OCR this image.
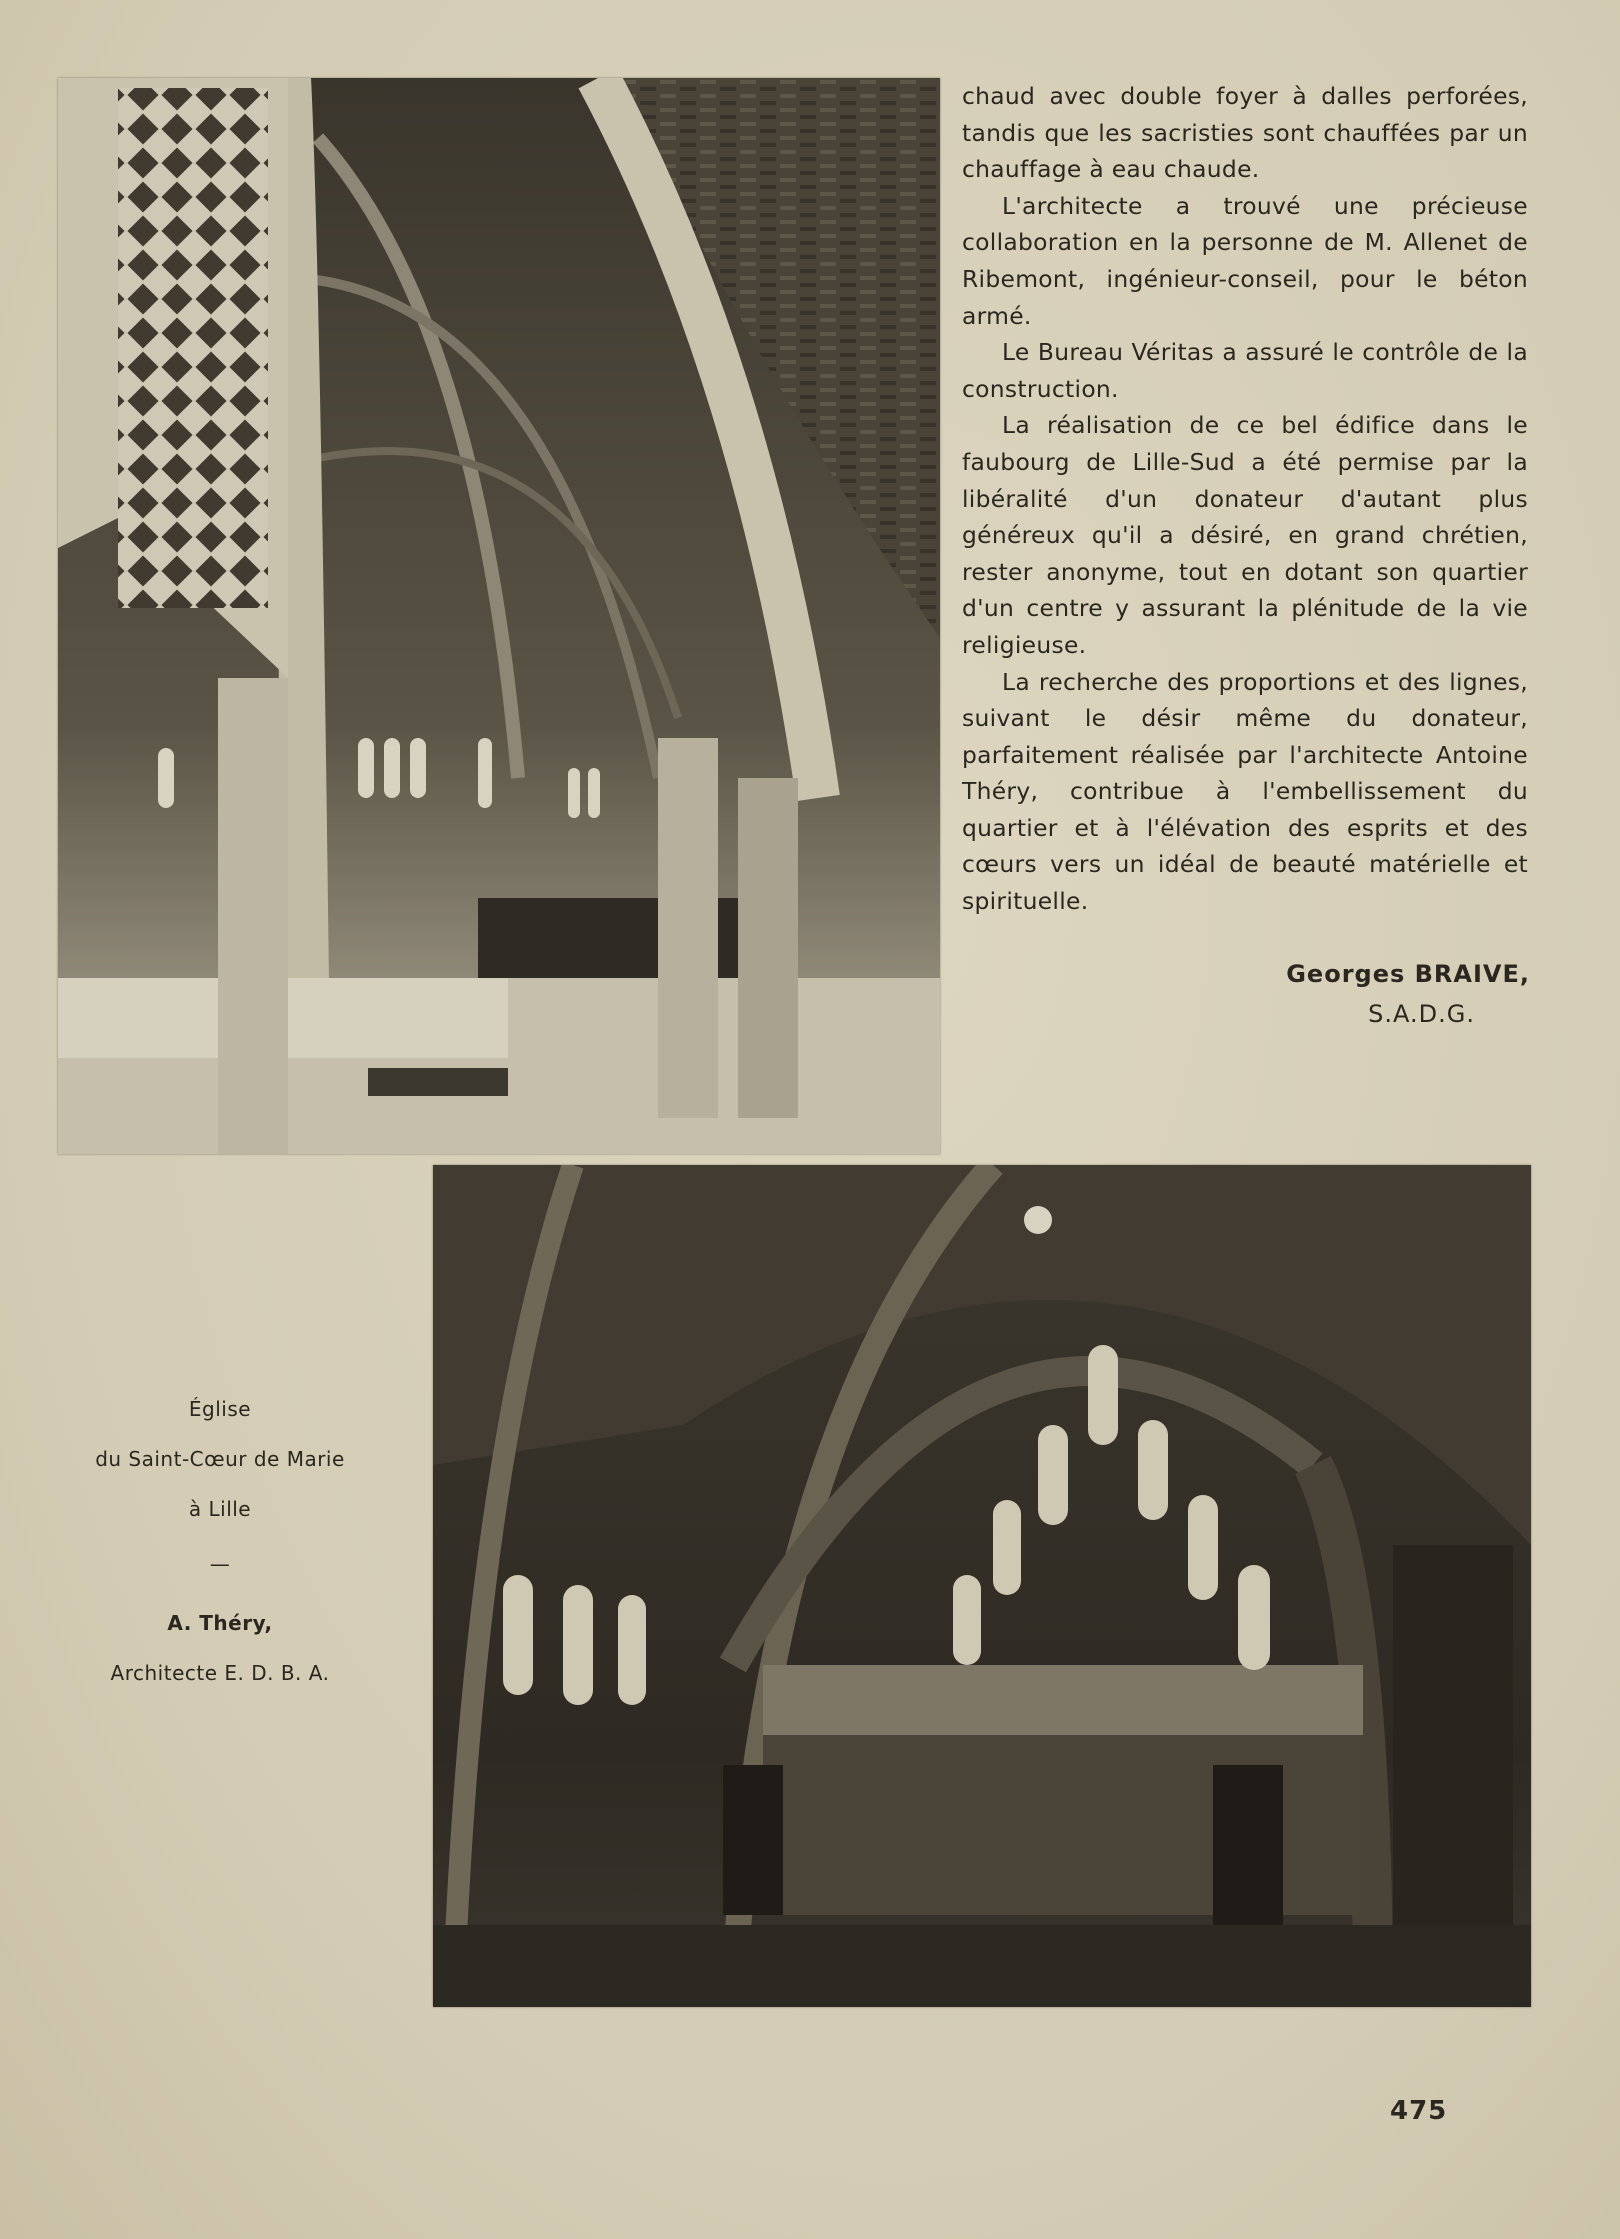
chaud avec double foyer à dalles perforées, tandis que les sacristies sont chauffées par un chauffage à eau chaude.

L'architecte a trouvé une précieuse collaboration en la personne de M. Allenet de Ribemont, ingénieur-conseil, pour le béton armé.

Le Bureau Véritas a assuré le contrôle de la construction.

La réalisation de ce bel édifice dans le faubourg de Lille-Sud a été permise par la libéralité d'un donateur d'autant plus généreux qu'il a désiré, en grand chrétien, rester anonyme, tout en dotant son quartier d'un centre y assurant la plénitude de la vie religieuse.

La recherche des proportions et des lignes, suivant le désir même du donateur, parfaitement réalisée par l'architecte Antoine Théry, contribue à l'embellissement du quartier et à l'élévation des esprits et des cœurs vers un idéal de beauté matérielle et spirituelle.

Georges BRAIVE,
S.A.D.G.
Église
du Saint-Cœur de Marie
à Lille
—
A. Théry,
Architecte E. D. B. A.
475
